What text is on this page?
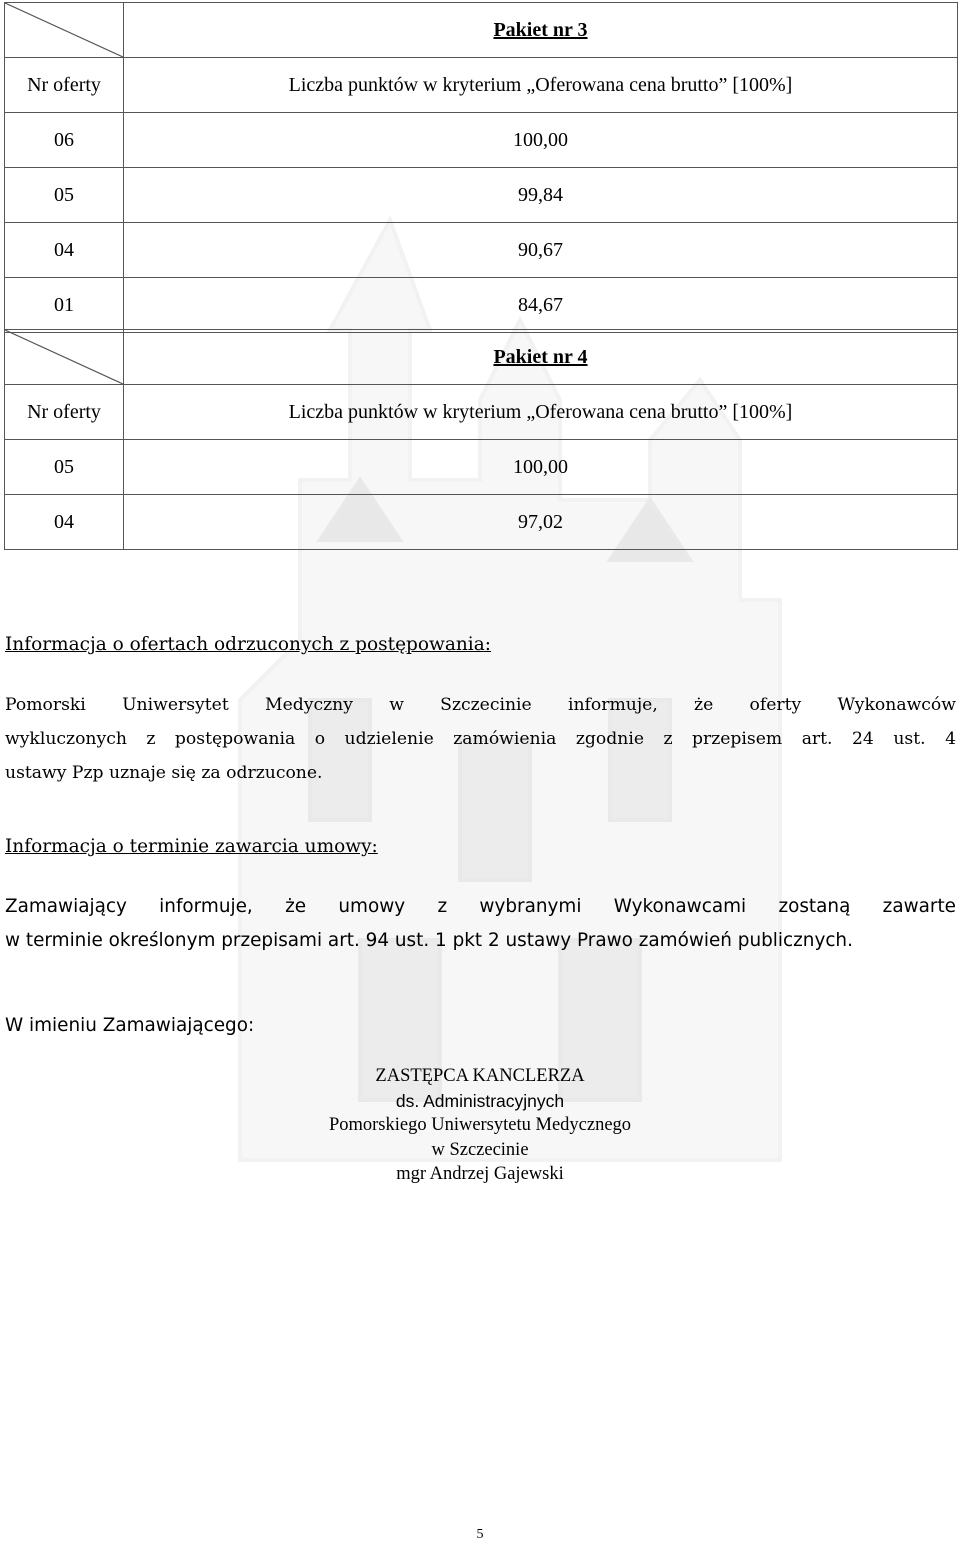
	Pakiet nr 3
Nr oferty	Liczba punktów w kryterium „Oferowana cena brutto” [100%]
06	100,00
05	99,84
04	90,67
01	84,67
	Pakiet nr 4
Nr oferty	Liczba punktów w kryterium „Oferowana cena brutto” [100%]
05	100,00
04	97,02
Informacja o ofertach odrzuconych z postępowania:
Pomorski Uniwersytet Medyczny w Szczecinie informuje, że oferty Wykonawców
wykluczonych z postępowania o udzielenie zamówienia zgodnie z przepisem art. 24 ust. 4
ustawy Pzp uznaje się za odrzucone.
Informacja o terminie zawarcia umowy:
Zamawiający informuje, że umowy z wybranymi Wykonawcami zostaną zawarte
w terminie określonym przepisami art. 94 ust. 1 pkt 2 ustawy Prawo zamówień publicznych.
W imieniu Zamawiającego:
ZASTĘPCA KANCLERZA
ds. Administracyjnych
Pomorskiego Uniwersytetu Medycznego
w Szczecinie
mgr Andrzej Gajewski
5
